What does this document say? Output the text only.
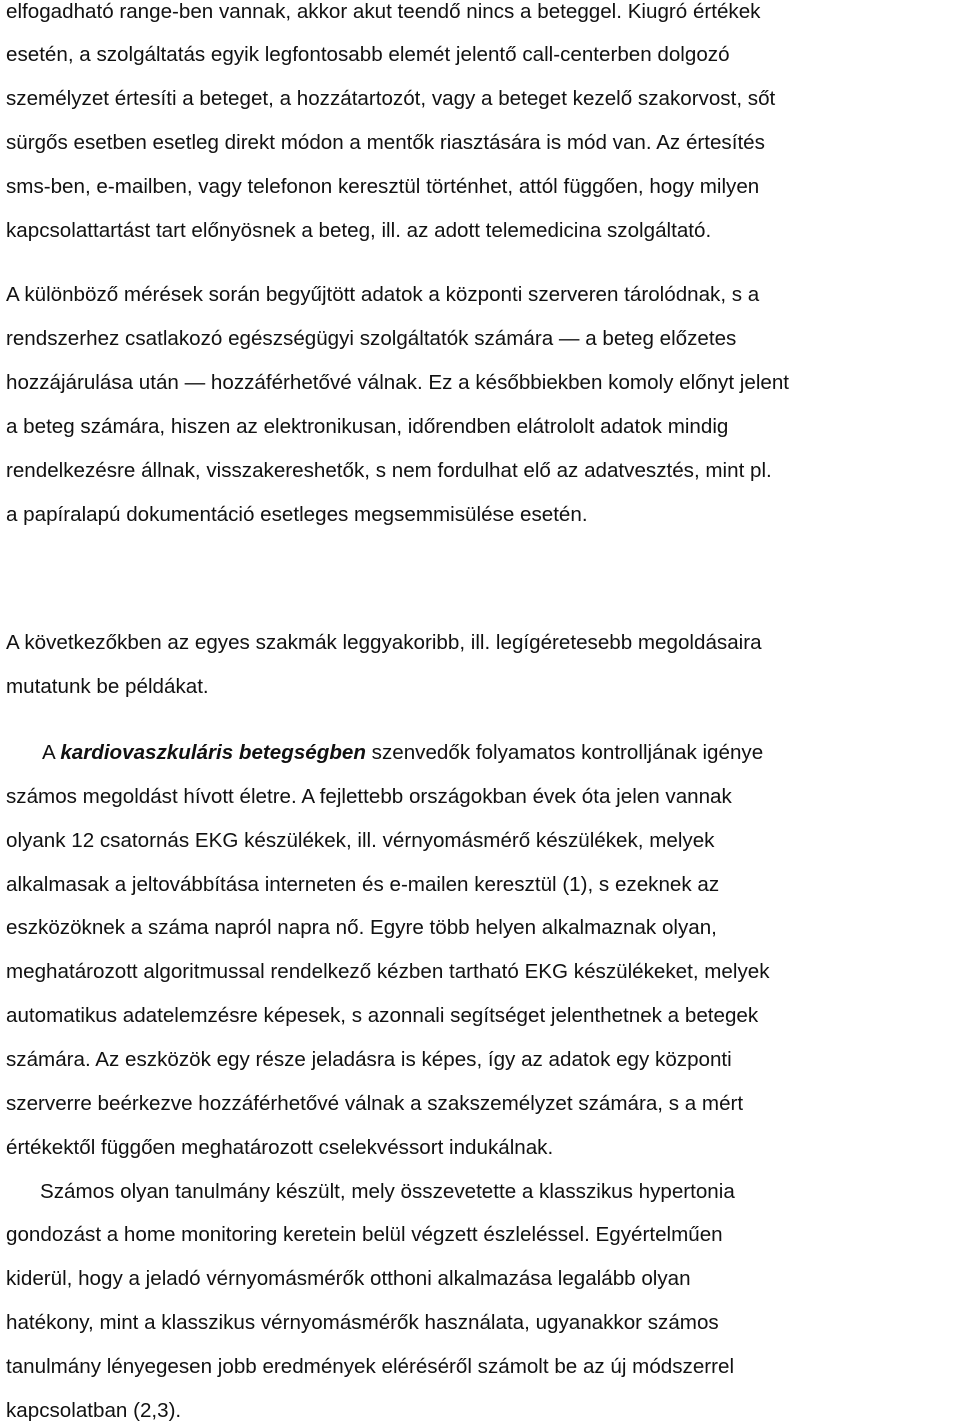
elfogadható range-ben vannak, akkor akut teendő nincs a beteggel. Kiugró értékek
esetén, a szolgáltatás egyik legfontosabb elemét jelentő call-centerben dolgozó
személyzet értesíti a beteget, a hozzátartozót, vagy a beteget kezelő szakorvost, sőt
sürgős esetben esetleg direkt módon a mentők riasztására is mód van. Az értesítés
sms-ben, e-mailben, vagy telefonon keresztül történhet, attól függően, hogy milyen
kapcsolattartást tart előnyösnek a beteg, ill. az adott telemedicina szolgáltató.
A különböző mérések során begyűjtött adatok a központi szerveren tárolódnak, s a
rendszerhez csatlakozó egészségügyi szolgáltatók számára ― a beteg előzetes
hozzájárulása után ― hozzáférhetővé válnak. Ez a későbbiekben komoly előnyt jelent
a beteg számára, hiszen az elektronikusan, időrendben elátrololt adatok mindig
rendelkezésre állnak, visszakereshetők, s nem fordulhat elő az adatvesztés, mint pl.
a papíralapú dokumentáció esetleges megsemmisülése esetén.
A következőkben az egyes szakmák leggyakoribb, ill. legígéretesebb megoldásaira
mutatunk be példákat.
A kardiovaszkuláris betegségben szenvedők folyamatos kontrolljának igénye
számos megoldást hívott életre. A fejlettebb országokban évek óta jelen vannak
olyank 12 csatornás EKG készülékek, ill. vérnyomásmérő készülékek, melyek
alkalmasak a jeltovábbítása interneten és e-mailen keresztül (1), s ezeknek az
eszközöknek a száma napról napra nő. Egyre több helyen alkalmaznak olyan,
meghatározott algoritmussal rendelkező kézben tartható EKG készülékeket, melyek
automatikus adatelemzésre képesek, s azonnali segítséget jelenthetnek a betegek
számára. Az eszközök egy része jeladásra is képes, így az adatok egy központi
szerverre beérkezve hozzáférhetővé válnak a szakszemélyzet számára, s a mért
értékektől függően meghatározott cselekvéssort indukálnak.
Számos olyan tanulmány készült, mely összevetette a klasszikus hypertonia
gondozást a home monitoring keretein belül végzett észleléssel. Egyértelműen
kiderül, hogy a jeladó vérnyomásmérők otthoni alkalmazása legalább olyan
hatékony, mint a klasszikus vérnyomásmérők használata, ugyanakkor számos
tanulmány lényegesen jobb eredmények eléréséről számolt be az új módszerrel
kapcsolatban (2,3).
